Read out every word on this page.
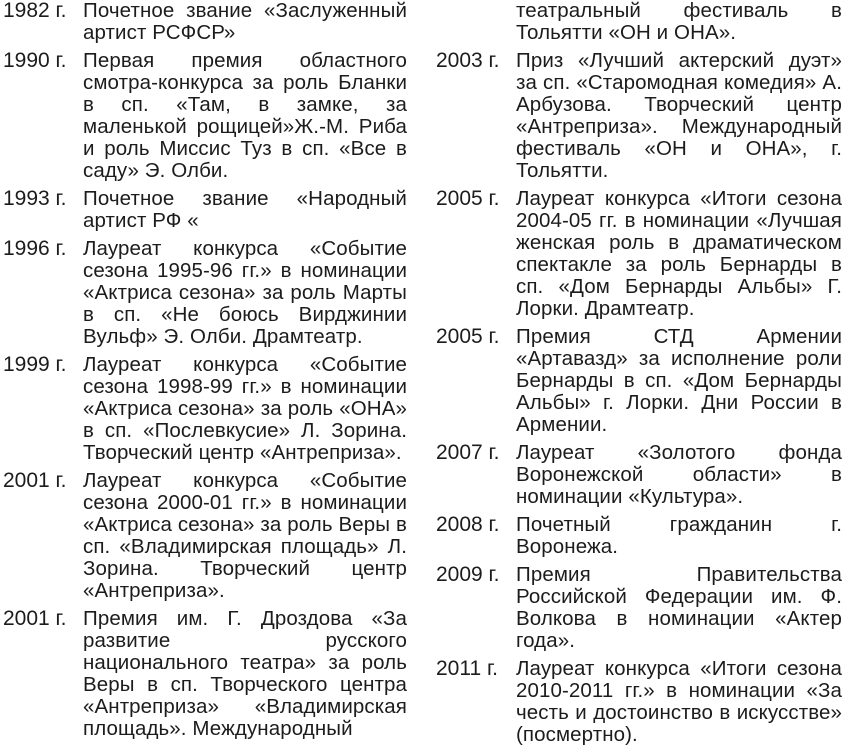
1982 г. Почетное звание «Заслуженный артист РСФСР»
1990 г. Первая премия областного смотра-конкурса за роль Бланки в сп. «Там, в замке, за маленькой рощицей»Ж.-М. Риба и роль Миссис Туз в сп. «Все в саду» Э. Олби.
1993 г. Почетное звание «Народный артист РФ «
1996 г. Лауреат конкурса «Событие сезона 1995-96 гг.» в номинации «Актриса сезона» за роль Марты в сп. «Не боюсь Вирджинии Вульф» Э. Олби. Драмтеатр.
1999 г. Лауреат конкурса «Событие сезона 1998-99 гг.» в номинации «Актриса сезона» за роль «ОНА» в сп. «Послевкусие» Л. Зорина. Творческий центр «Антреприза».
2001 г. Лауреат конкурса «Событие сезона 2000-01 гг.» в номинации «Актриса сезона» за роль Веры в сп. «Владимирская площадь» Л. Зорина. Творческий центр «Антреприза».
2001 г. Премия им. Г. Дроздова «За развитие русского национального театра» за роль Веры в сп. Творческого центра «Антреприза» «Владимирская площадь». Международный
театральный фестиваль в Тольятти «ОН и ОНА».
2003 г. Приз «Лучший актерский дуэт» за сп. «Старомодная комедия» А. Арбузова. Творческий центр «Антреприза». Международный фестиваль «ОН и ОНА», г. Тольятти.
2005 г. Лауреат конкурса «Итоги сезона 2004-05 гг. в номинации «Лучшая женская роль в драматическом спектакле за роль Бернарды в сп. «Дом Бернарды Альбы» Г. Лорки. Драмтеатр.
2005 г. Премия СТД Армении «Артавазд» за исполнение роли Бернарды в сп. «Дом Бернарды Альбы» г. Лорки. Дни России в Армении.
2007 г. Лауреат «Золотого фонда Воронежской области» в номинации «Культура».
2008 г. Почетный гражданин г. Воронежа.
2009 г. Премия Правительства Российской Федерации им. Ф. Волкова в номинации «Актер года».
2011 г. Лауреат конкурса «Итоги сезона 2010-2011 гг.» в номинации «За честь и достоинство в искусстве» (посмертно).
